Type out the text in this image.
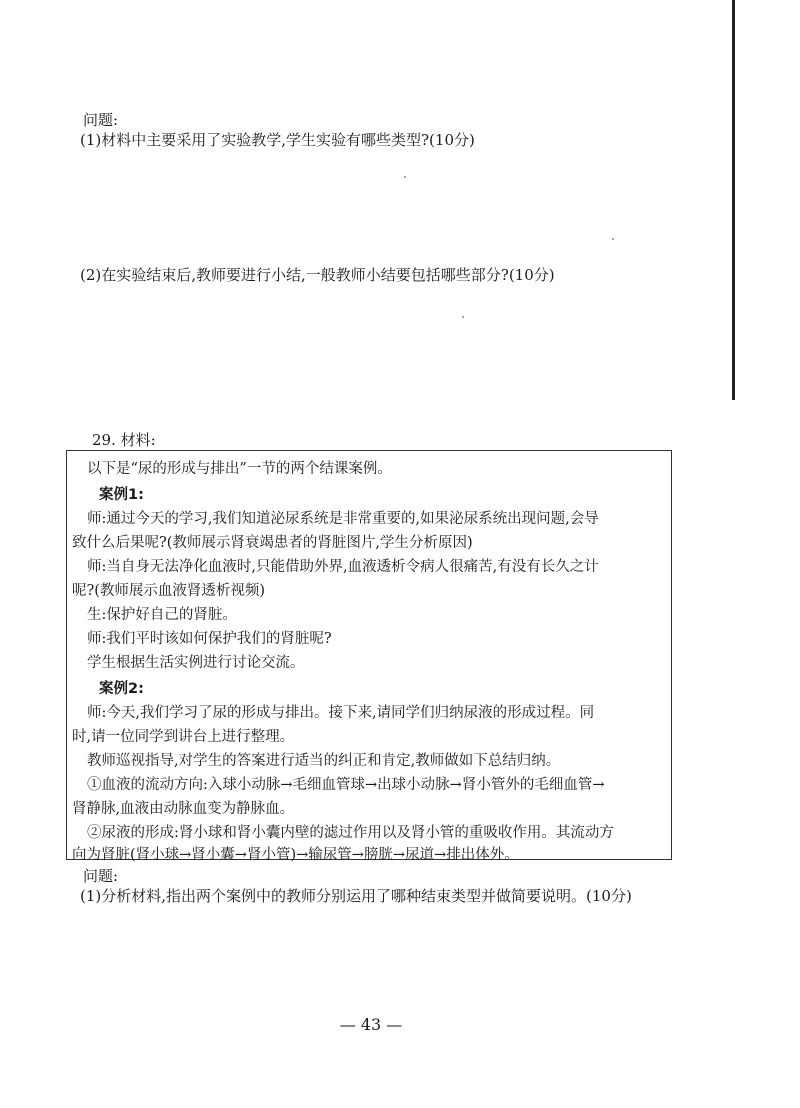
问题:
(1)材料中主要采用了实验教学,学生实验有哪些类型?(10分)
(2)在实验结束后,教师要进行小结,一般教师小结要包括哪些部分?(10分)
29. 材料:
以下是“尿的形成与排出”一节的两个结课案例。
案例1:
师:通过今天的学习,我们知道泌尿系统是非常重要的,如果泌尿系统出现问题,会导
致什么后果呢?(教师展示肾衰竭患者的肾脏图片,学生分析原因)
师:当自身无法净化血液时,只能借助外界,血液透析令病人很痛苦,有没有长久之计
呢?(教师展示血液肾透析视频)
生:保护好自己的肾脏。
师:我们平时该如何保护我们的肾脏呢?
学生根据生活实例进行讨论交流。
案例2:
师:今天,我们学习了尿的形成与排出。接下来,请同学们归纳尿液的形成过程。同
时,请一位同学到讲台上进行整理。
教师巡视指导,对学生的答案进行适当的纠正和肯定,教师做如下总结归纳。
①血液的流动方向:入球小动脉→毛细血管球→出球小动脉→肾小管外的毛细血管→
肾静脉,血液由动脉血变为静脉血。
②尿液的形成:肾小球和肾小囊内壁的滤过作用以及肾小管的重吸收作用。其流动方
向为肾脏(肾小球→肾小囊→肾小管)→输尿管→膀胱→尿道→排出体外。
问题:
(1)分析材料,指出两个案例中的教师分别运用了哪种结束类型并做简要说明。(10分)
— 43 —
